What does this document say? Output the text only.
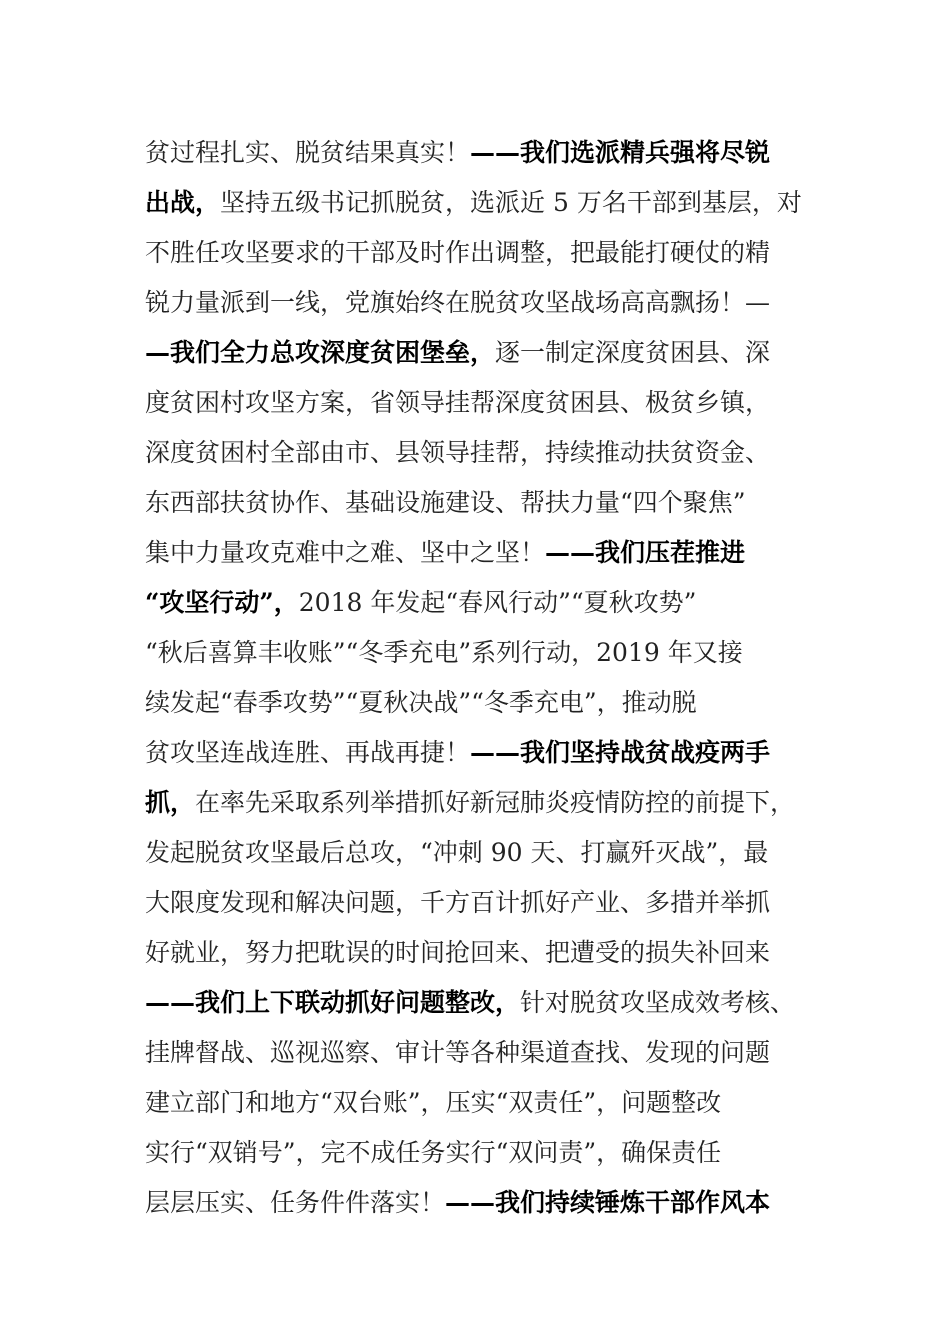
贫过程扎实、脱贫结果真实！——我们选派精兵强将尽锐
出战，坚持五级书记抓脱贫，选派近 5 万名干部到基层，对
不胜任攻坚要求的干部及时作出调整，把最能打硬仗的精
锐力量派到一线，党旗始终在脱贫攻坚战场高高飘扬！—
—我们全力总攻深度贫困堡垒，逐一制定深度贫困县、深
度贫困村攻坚方案，省领导挂帮深度贫困县、极贫乡镇，
深度贫困村全部由市、县领导挂帮，持续推动扶贫资金、
东西部扶贫协作、基础设施建设、帮扶力量“四个聚焦”
集中力量攻克难中之难、坚中之坚！——我们压茬推进
“攻坚行动”，2018 年发起“春风行动”“夏秋攻势”
“秋后喜算丰收账”“冬季充电”系列行动，2019 年又接
续发起“春季攻势”“夏秋决战”“冬季充电”，推动脱
贫攻坚连战连胜、再战再捷！——我们坚持战贫战疫两手
抓，在率先采取系列举措抓好新冠肺炎疫情防控的前提下，
发起脱贫攻坚最后总攻，“冲刺 90 天、打赢歼灭战”，最
大限度发现和解决问题，千方百计抓好产业、多措并举抓
好就业，努力把耽误的时间抢回来、把遭受的损失补回来
——我们上下联动抓好问题整改，针对脱贫攻坚成效考核、
挂牌督战、巡视巡察、审计等各种渠道查找、发现的问题
建立部门和地方“双台账”，压实“双责任”，问题整改
实行“双销号”，完不成任务实行“双问责”，确保责任
层层压实、任务件件落实！——我们持续锤炼干部作风本
